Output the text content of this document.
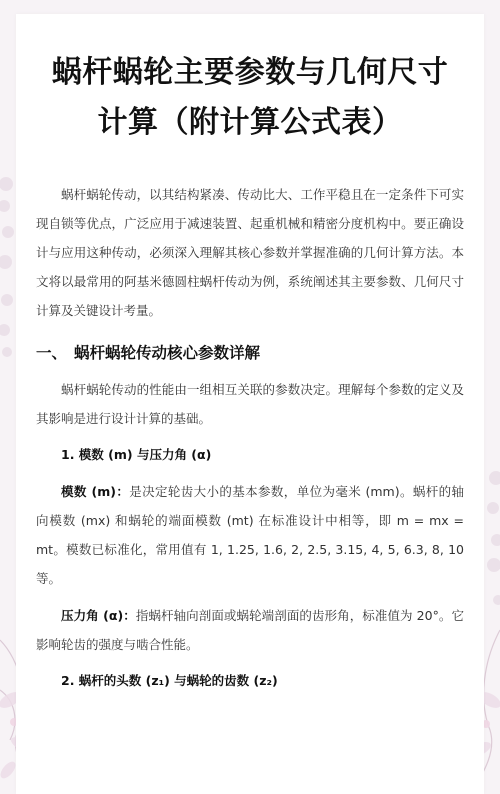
蜗杆蜗轮主要参数与几何尺寸
计算（附计算公式表）

蜗杆蜗轮传动，以其结构紧凑、传动比大、工作平稳且在一定条件下可实现自锁等优点，广泛应用于减速装置、起重机械和精密分度机构中。要正确设计与应用这种传动，必须深入理解其核心参数并掌握准确的几何计算方法。本文将以最常用的阿基米德圆柱蜗杆传动为例，系统阐述其主要参数、几何尺寸计算及关键设计考量。

一、 蜗杆蜗轮传动核心参数详解

蜗杆蜗轮传动的性能由一组相互关联的参数决定。理解每个参数的定义及其影响是进行设计计算的基础。

1. 模数 (m) 与压力角 (α)

模数 (m)：是决定轮齿大小的基本参数，单位为毫米 (mm)。蜗杆的轴向模数 (mx) 和蜗轮的端面模数 (mt) 在标准设计中相等，即 m = mx = mt。模数已标准化，常用值有 1, 1.25, 1.6, 2, 2.5, 3.15, 4, 5, 6.3, 8, 10 等。

压力角 (α)：指蜗杆轴向剖面或蜗轮端剖面的齿形角，标准值为 20°。它影响轮齿的强度与啮合性能。

2. 蜗杆的头数 (z₁) 与蜗轮的齿数 (z₂)
